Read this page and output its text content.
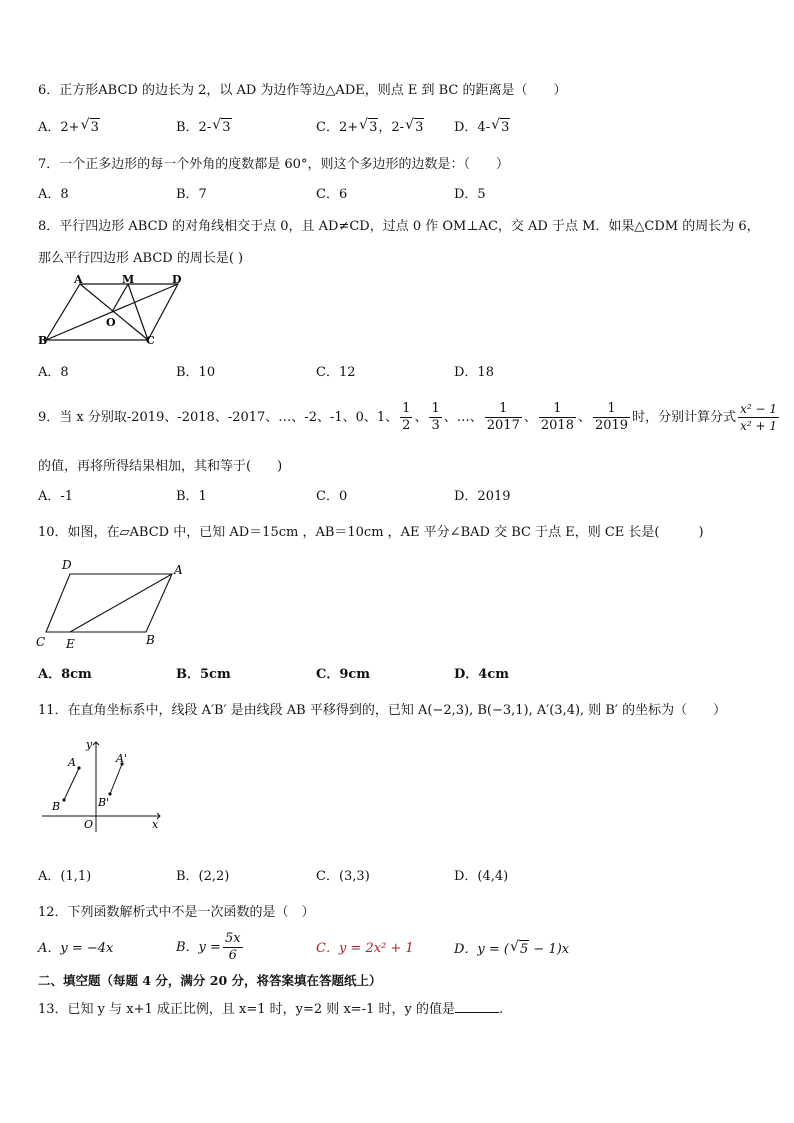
6．正方形ABCD 的边长为 2，以 AD 为边作等边△ADE，则点 E 到 BC 的距离是（　　）
A．2+ √ 3	B．2- √ 3	C．2+ √ 3，2- √ 3 D．4- √ 3
7．一个正多边形的每一个外角的度数都是 60°，则这个多边形的边数是：（　　）
A．8	B．7	C．6	D．5
8．平行四边形 ABCD 的对角线相交于点 0，且 AD≠CD，过点 0 作 OM⊥AC，交 AD 于点 M．如果△CDM 的周长为 6，
那么平行四边形 ABCD 的周长是( )
A	M	D
O
B	C
A．8	B．10	C．12	D．18
9．当 x 分别取-2019、-2018、-2017、…、-2、-1、0、1、 $\frac{1}{2}$ 、 $\frac{1}{3}$ 、…、 $\frac{1}{2017}$ 、 $\frac{1}{2018}$ 、 $\frac{1}{2019}$ 时，分别计算分式 $\frac{\text{x² − 1}}{\text{x² + 1}}$
的值，再将所得结果相加，其和等于(　　)
A．-1	B．1	C．0	D．2019
10．如图，在▱ABCD 中，已知 AD＝15cm ，AB＝10cm ，AE 平分∠BAD 交 BC 于点 E，则 CE 长是(　　　)
D	A
C E	B
A．8cm	B．5cm	C．9cm	D．4cm
11．在直角坐标系中，线段 A′B′ 是由线段 AB 平移得到的，已知 A(−2,3), B(−3,1), A′(3,4), 则 B′ 的坐标为（　　）
y
x
O
A
B
A'
B'
A．(1,1)	B．(2,2)	C．(3,3)	D．(4,4)
12．下列函数解析式中不是一次函数的是（　）
A．y = −4x	B．$y = \frac{5x}{6}$	C．y = 2x² + 1	D．y = ( √ 5 − 1)x
二、填空题（每题 4 分，满分 20 分，将答案填在答题纸上）
13．已知 y 与 x+1 成正比例，且 x=1 时，y=2 则 x=-1 时，y 的值是	.
